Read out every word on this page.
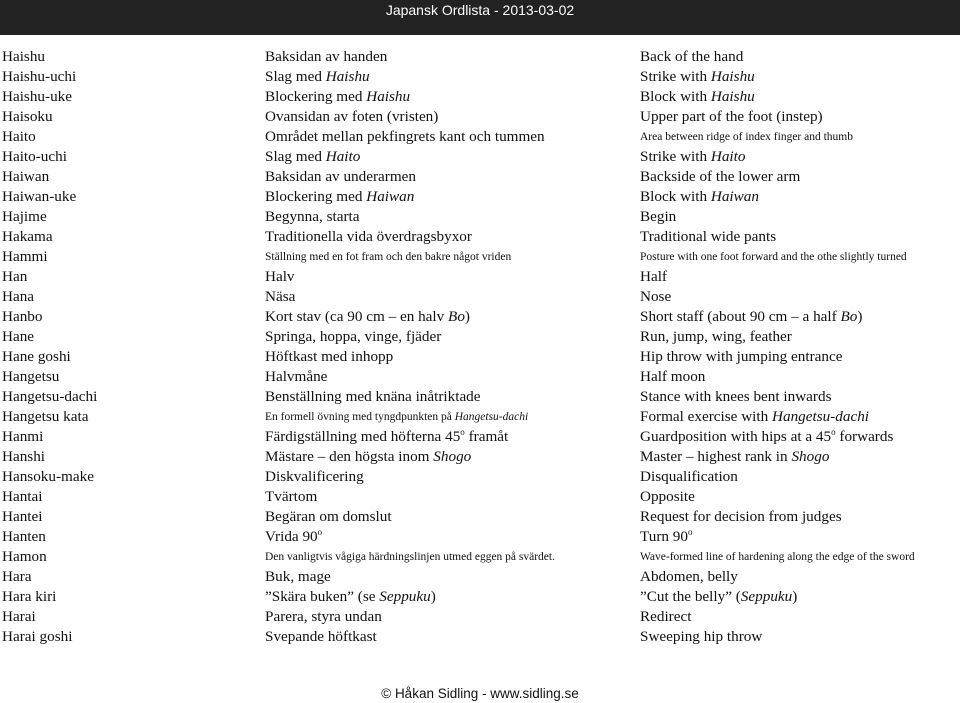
Japansk Ordlista - 2013-03-02
Haishu	Baksidan av handen	Back of the hand
Haishu-uchi	Slag med Haishu	Strike with Haishu
Haishu-uke	Blockering med Haishu	Block with Haishu
Haisoku	Ovansidan av foten (vristen)	Upper part of the foot (instep)
Haito	Området mellan pekfingrets kant och tummen	Area between ridge of index finger and thumb
Haito-uchi	Slag med Haito	Strike with Haito
Haiwan	Baksidan av underarmen	Backside of the lower arm
Haiwan-uke	Blockering med Haiwan	Block with Haiwan
Hajime	Begynna, starta	Begin
Hakama	Traditionella vida överdragsbyxor	Traditional wide pants
Hammi	Ställning med en fot fram och den bakre något vriden	Posture with one foot forward and the othe slightly turned
Han	Halv	Half
Hana	Näsa	Nose
Hanbo	Kort stav (ca 90 cm – en halv Bo)	Short staff (about 90 cm – a half Bo)
Hane	Springa, hoppa, vinge, fjäder	Run, jump, wing, feather
Hane goshi	Höftkast med inhopp	Hip throw with jumping entrance
Hangetsu	Halvmåne	Half moon
Hangetsu-dachi	Benställning med knäna inåtriktade	Stance with knees bent inwards
Hangetsu kata	En formell övning med tyngdpunkten på Hangetsu-dachi	Formal exercise with Hangetsu-dachi
Hanmi	Färdigställning med höfterna 45$^o$ framåt	Guardposition with hips at a 45$^o$ forwards
Hanshi	Mästare – den högsta inom Shogo	Master – highest rank in Shogo
Hansoku-make	Diskvalificering	Disqualification
Hantai	Tvärtom	Opposite
Hantei	Begäran om domslut	Request for decision from judges
Hanten	Vrida 90$^o$	Turn 90$^o$
Hamon	Den vanligtvis vågiga härdningslinjen utmed eggen på svärdet.	Wave-formed line of hardening along the edge of the sword
Hara	Buk, mage	Abdomen, belly
Hara kiri	”Skära buken” (se Seppuku)	”Cut the belly” (Seppuku)
Harai	Parera, styra undan	Redirect
Harai goshi	Svepande höftkast	Sweeping hip throw
© Håkan Sidling - www.sidling.se
